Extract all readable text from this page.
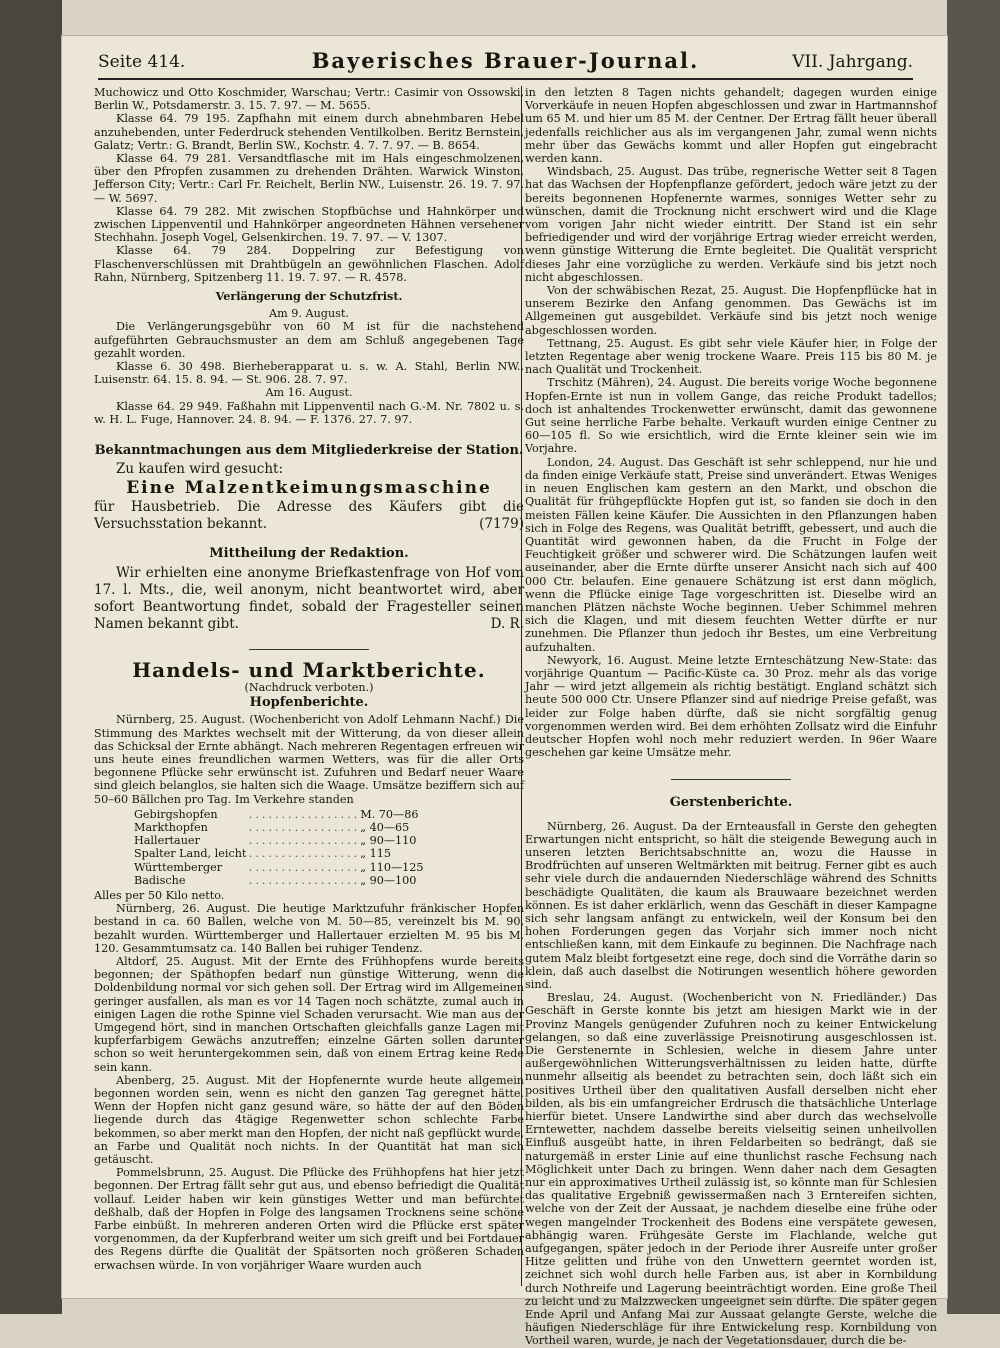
Seite 414.	Bayerisches Brauer-Journal.	VII. Jahrgang.

Muchowicz und Otto Koschmider, Warschau; Vertr.: Casimir von Ossowski, Berlin W., Potsdamerstr. 3. 15. 7. 97. — M. 5655.

Klasse 64. 79 195. Zapfhahn mit einem durch abnehmbaren Hebel anzuhebenden, unter Federdruck stehenden Ventilkolben. Beritz Bernstein, Galatz; Vertr.: G. Brandt, Berlin SW., Kochstr. 4. 7. 7. 97. — B. 8654.

Klasse 64. 79 281. Versandtflasche mit im Hals eingeschmolzenen, über den Pfropfen zusammen zu drehenden Drähten. Warwick Winston, Jefferson City; Vertr.: Carl Fr. Reichelt, Berlin NW., Luisenstr. 26. 19. 7. 97. — W. 5697.

Klasse 64. 79 282. Mit zwischen Stopfbüchse und Hahnkörper und zwischen Lippenventil und Hahnkörper angeordneten Hähnen versehener Stechhahn. Joseph Vogel, Gelsenkirchen. 19. 7. 97. — V. 1307.

Klasse 64. 79 284. Doppelring zur Befestigung von Flaschenverschlüssen mit Drahtbügeln an gewöhnlichen Flaschen. Adolf Rahn, Nürnberg, Spitzenberg 11. 19. 7. 97. — R. 4578.

Verlängerung der Schutzfrist.

Am 9. August.

Die Verlängerungsgebühr von 60 M ist für die nachstehend aufgeführten Gebrauchsmuster an dem am Schluß angegebenen Tage gezahlt worden.

Klasse 6. 30 498. Bierheberapparat u. s. w. A. Stahl, Berlin NW., Luisenstr. 64. 15. 8. 94. — St. 906. 28. 7. 97.

Am 16. August.

Klasse 64. 29 949. Faßhahn mit Lippenventil nach G.-M. Nr. 7802 u. s. w. H. L. Fuge, Hannover. 24. 8. 94. — F. 1376. 27. 7. 97.

Bekanntmachungen aus dem Mitgliederkreise der Station.

Zu kaufen wird gesucht:

Eine Malzentkeimungsmaschine

für Hausbetrieb. Die Adresse des Käufers gibt die Versuchsstation bekannt.	(7179)

Mittheilung der Redaktion.

Wir erhielten eine anonyme Briefkastenfrage von Hof vom 17. l. Mts., die, weil anonym, nicht beantwortet wird, aber sofort Beantwortung findet, sobald der Fragesteller seinen Namen bekannt gibt.	D. R.

Handels- und Marktberichte.

(Nachdruck verboten.)

Hopfenberichte.

Nürnberg, 25. August. (Wochenbericht von Adolf Lehmann Nachf.) Die Stimmung des Marktes wechselt mit der Witterung, da von dieser allein das Schicksal der Ernte abhängt. Nach mehreren Regentagen erfreuen wir uns heute eines freundlichen warmen Wetters, was für die aller Orts begonnene Pflücke sehr erwünscht ist. Zufuhren und Bedarf neuer Waare sind gleich belanglos, sie halten sich die Waage. Umsätze beziffern sich auf 50–60 Bällchen pro Tag. Im Verkehre standen

Gebirgshopfen	................. M. 70—86
Markthopfen	................. „ 40—65
Hallertauer	................. „ 90—110
Spalter Land, leicht ................. „ 115
Württemberger	................. „ 110—125
Badische	................. „ 90—100

Alles per 50 Kilo netto.

Nürnberg, 26. August. Die heutige Marktzufuhr fränkischer Hopfen bestand in ca. 60 Ballen, welche von M. 50—85, vereinzelt bis M. 90, bezahlt wurden. Württemberger und Hallertauer erzielten M. 95 bis M. 120. Gesammtumsatz ca. 140 Ballen bei ruhiger Tendenz.

Altdorf, 25. August. Mit der Ernte des Frühhopfens wurde bereits begonnen; der Späthopfen bedarf nun günstige Witterung, wenn die Doldenbildung normal vor sich gehen soll. Der Ertrag wird im Allgemeinen geringer ausfallen, als man es vor 14 Tagen noch schätzte, zumal auch in einigen Lagen die rothe Spinne viel Schaden verursacht. Wie man aus der Umgegend hört, sind in manchen Ortschaften gleichfalls ganze Lagen mit kupferfarbigem Gewächs anzutreffen; einzelne Gärten sollen darunter schon so weit heruntergekommen sein, daß von einem Ertrag keine Rede sein kann.

Abenberg, 25. August. Mit der Hopfenernte wurde heute allgemein begonnen worden sein, wenn es nicht den ganzen Tag geregnet hätte. Wenn der Hopfen nicht ganz gesund wäre, so hätte der auf den Böden liegende durch das 4tägige Regenwetter schon schlechte Farbe bekommen, so aber merkt man den Hopfen, der nicht naß gepflückt wurde, an Farbe und Qualität noch nichts. In der Quantität hat man sich getäuscht.

Pommelsbrunn, 25. August. Die Pflücke des Frühhopfens hat hier jetzt begonnen. Der Ertrag fällt sehr gut aus, und ebenso befriedigt die Qualität vollauf. Leider haben wir kein günstiges Wetter und man befürchtet deßhalb, daß der Hopfen in Folge des langsamen Trocknens seine schöne Farbe einbüßt. In mehreren anderen Orten wird die Pflücke erst später vorgenommen, da der Kupferbrand weiter um sich greift und bei Fortdauer des Regens dürfte die Qualität der Spätsorten noch größeren Schaden erwachsen würde. In von vorjähriger Waare wurden auch

in den letzten 8 Tagen nichts gehandelt; dagegen wurden einige Vorverkäufe in neuen Hopfen abgeschlossen und zwar in Hartmannshof um 65 M. und hier um 85 M. der Centner. Der Ertrag fällt heuer überall jedenfalls reichlicher aus als im vergangenen Jahr, zumal wenn nichts mehr über das Gewächs kommt und aller Hopfen gut eingebracht werden kann.

Windsbach, 25. August. Das trübe, regnerische Wetter seit 8 Tagen hat das Wachsen der Hopfenpflanze gefördert, jedoch wäre jetzt zu der bereits begonnenen Hopfenernte warmes, sonniges Wetter sehr zu wünschen, damit die Trocknung nicht erschwert wird und die Klage vom vorigen Jahr nicht wieder eintritt. Der Stand ist ein sehr befriedigender und wird der vorjährige Ertrag wieder erreicht werden, wenn günstige Witterung die Ernte begleitet. Die Qualität verspricht dieses Jahr eine vorzügliche zu werden. Verkäufe sind bis jetzt noch nicht abgeschlossen.

Von der schwäbischen Rezat, 25. August. Die Hopfenpflücke hat in unserem Bezirke den Anfang genommen. Das Gewächs ist im Allgemeinen gut ausgebildet. Verkäufe sind bis jetzt noch wenige abgeschlossen worden.

Tettnang, 25. August. Es gibt sehr viele Käufer hier, in Folge der letzten Regentage aber wenig trockene Waare. Preis 115 bis 80 M. je nach Qualität und Trockenheit.

Trschitz (Mähren), 24. August. Die bereits vorige Woche begonnene Hopfen-Ernte ist nun in vollem Gange, das reiche Produkt tadellos; doch ist anhaltendes Trockenwetter erwünscht, damit das gewonnene Gut seine herrliche Farbe behalte. Verkauft wurden einige Centner zu 60—105 fl. So wie ersichtlich, wird die Ernte kleiner sein wie im Vorjahre.

London, 24. August. Das Geschäft ist sehr schleppend, nur hie und da finden einige Verkäufe statt, Preise sind unverändert. Etwas Weniges in neuen Englischen kam gestern an den Markt, und obschon die Qualität für frühgepflückte Hopfen gut ist, so fanden sie doch in den meisten Fällen keine Käufer. Die Aussichten in den Pflanzungen haben sich in Folge des Regens, was Qualität betrifft, gebessert, und auch die Quantität wird gewonnen haben, da die Frucht in Folge der Feuchtigkeit größer und schwerer wird. Die Schätzungen laufen weit auseinander, aber die Ernte dürfte unserer Ansicht nach sich auf 400 000 Ctr. belaufen. Eine genauere Schätzung ist erst dann möglich, wenn die Pflücke einige Tage vorgeschritten ist. Dieselbe wird an manchen Plätzen nächste Woche beginnen. Ueber Schimmel mehren sich die Klagen, und mit diesem feuchten Wetter dürfte er nur zunehmen. Die Pflanzer thun jedoch ihr Bestes, um eine Verbreitung aufzuhalten.

Newyork, 16. August. Meine letzte Ernteschätzung New-State: das vorjährige Quantum — Pacific-Küste ca. 30 Proz. mehr als das vorige Jahr — wird jetzt allgemein als richtig bestätigt. England schätzt sich heute 500 000 Ctr. Unsere Pflanzer sind auf niedrige Preise gefaßt, was leider zur Folge haben dürfte, daß sie nicht sorgfältig genug vorgenommen werden wird. Bei dem erhöhten Zollsatz wird die Einfuhr deutscher Hopfen wohl noch mehr reduziert werden. In 96er Waare geschehen gar keine Umsätze mehr.

Gerstenberichte.

Nürnberg, 26. August. Da der Ernteausfall in Gerste den gehegten Erwartungen nicht entspricht, so hält die steigende Bewegung auch in unseren letzten Berichtsabschnitte an, wozu die Hausse in Brodfrüchten auf unseren Weltmärkten mit beitrug. Ferner gibt es auch sehr viele durch die andauernden Niederschläge während des Schnitts beschädigte Qualitäten, die kaum als Brauwaare bezeichnet werden können. Es ist daher erklärlich, wenn das Geschäft in dieser Kampagne sich sehr langsam anfängt zu entwickeln, weil der Konsum bei den hohen Forderungen gegen das Vorjahr sich immer noch nicht entschließen kann, mit dem Einkaufe zu beginnen. Die Nachfrage nach gutem Malz bleibt fortgesetzt eine rege, doch sind die Vorräthe darin so klein, daß auch daselbst die Notirungen wesentlich höhere geworden sind.

Breslau, 24. August. (Wochenbericht von N. Friedländer.) Das Geschäft in Gerste konnte bis jetzt am hiesigen Markt wie in der Provinz Mangels genügender Zufuhren noch zu keiner Entwickelung gelangen, so daß eine zuverlässige Preisnotirung ausgeschlossen ist. Die Gerstenernte in Schlesien, welche in diesem Jahre unter außergewöhnlichen Witterungsverhältnissen zu leiden hatte, dürfte nunmehr allseitig als beendet zu betrachten sein, doch läßt sich ein positives Urtheil über den qualitativen Ausfall derselben nicht eher bilden, als bis ein umfangreicher Erdrusch die thatsächliche Unterlage hierfür bietet. Unsere Landwirthe sind aber durch das wechselvolle Erntewetter, nachdem dasselbe bereits vielseitig seinen unheilvollen Einfluß ausgeübt hatte, in ihren Feldarbeiten so bedrängt, daß sie naturgemäß in erster Linie auf eine thunlichst rasche Fechsung nach Möglichkeit unter Dach zu bringen. Wenn daher nach dem Gesagten nur ein approximatives Urtheil zulässig ist, so könnte man für Schlesien das qualitative Ergebniß gewissermaßen nach 3 Erntereifen sichten, welche von der Zeit der Aussaat, je nachdem dieselbe eine frühe oder wegen mangelnder Trockenheit des Bodens eine verspätete gewesen, abhängig waren. Frühgesäte Gerste im Flachlande, welche gut aufgegangen, später jedoch in der Periode ihrer Ausreife unter großer Hitze gelitten und frühe von den Unwettern geerntet worden ist, zeichnet sich wohl durch helle Farben aus, ist aber in Kornbildung durch Nothreife und Lagerung beeinträchtigt worden. Eine große Theil zu leicht und zu Malzzwecken ungeeignet sein dürfte. Die später gegen Ende April und Anfang Mai zur Aussaat gelangte Gerste, welche die häufigen Niederschläge für ihre Entwickelung resp. Kornbildung von Vortheil waren, wurde, je nach der Vegetationsdauer, durch die be-
